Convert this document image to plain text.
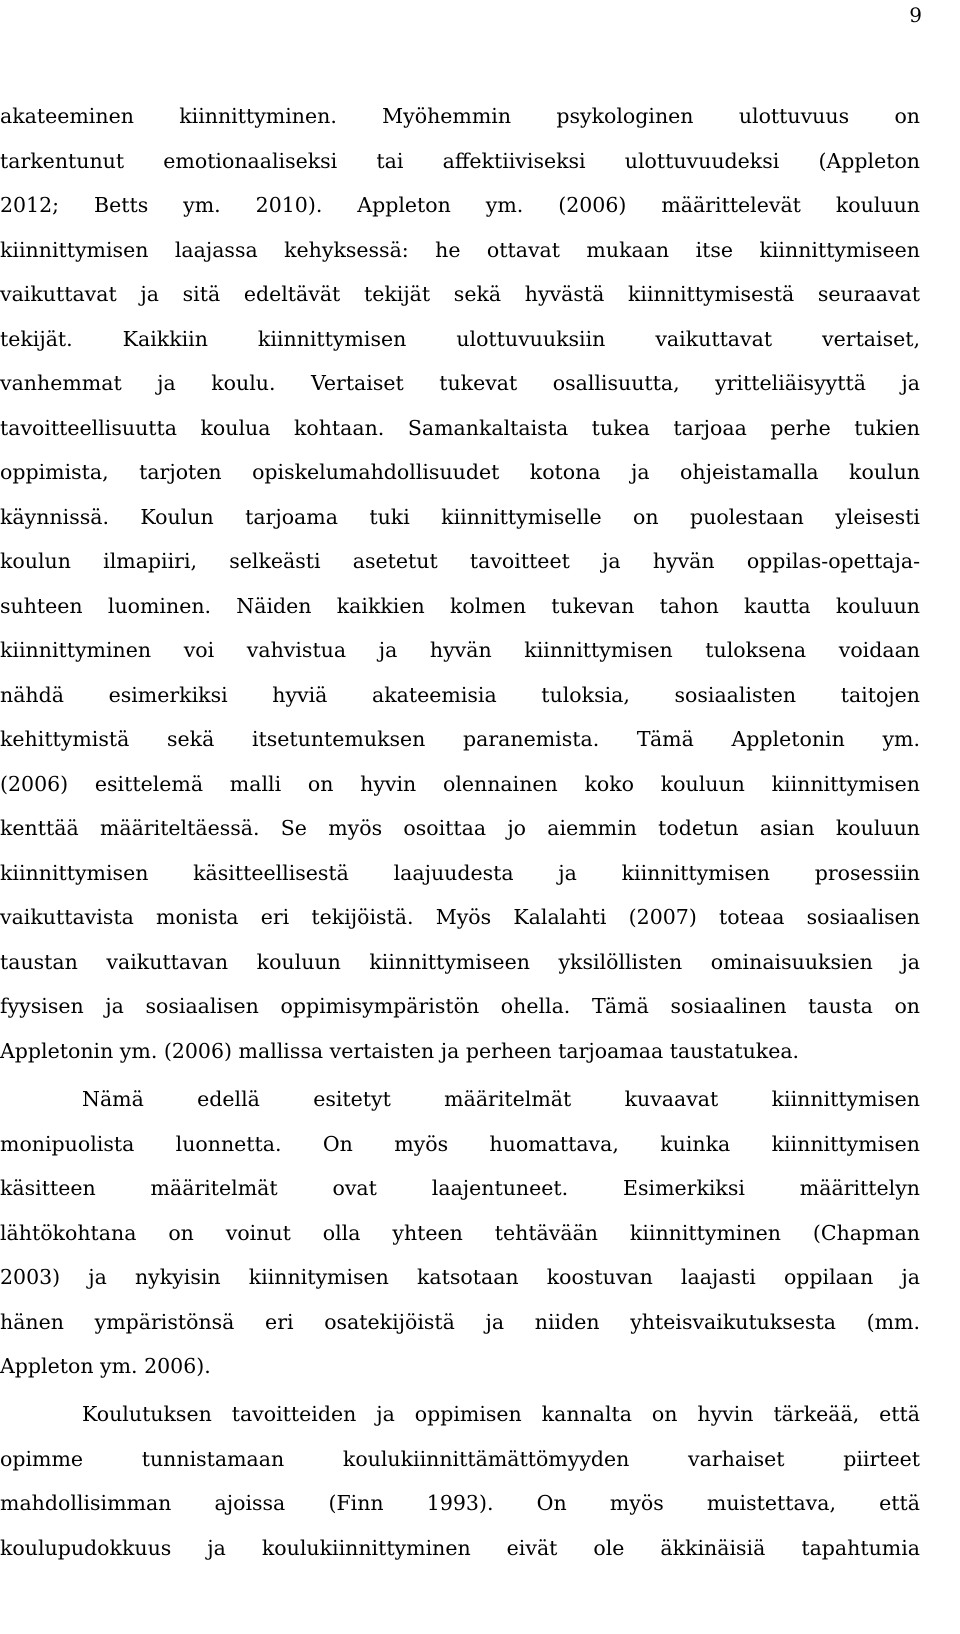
9
akateeminen kiinnittyminen. Myöhemmin psykologinen ulottuvuus on
tarkentunut emotionaaliseksi tai affektiiviseksi ulottuvuudeksi (Appleton
2012; Betts ym. 2010). Appleton ym. (2006) määrittelevät kouluun
kiinnittymisen laajassa kehyksessä: he ottavat mukaan itse kiinnittymiseen
vaikuttavat ja sitä edeltävät tekijät sekä hyvästä kiinnittymisestä seuraavat
tekijät. Kaikkiin kiinnittymisen ulottuvuuksiin vaikuttavat vertaiset,
vanhemmat ja koulu. Vertaiset tukevat osallisuutta, yritteliäisyyttä ja
tavoitteellisuutta koulua kohtaan. Samankaltaista tukea tarjoaa perhe tukien
oppimista, tarjoten opiskelumahdollisuudet kotona ja ohjeistamalla koulun
käynnissä. Koulun tarjoama tuki kiinnittymiselle on puolestaan yleisesti
koulun ilmapiiri, selkeästi asetetut tavoitteet ja hyvän oppilas-opettaja-
suhteen luominen. Näiden kaikkien kolmen tukevan tahon kautta kouluun
kiinnittyminen voi vahvistua ja hyvän kiinnittymisen tuloksena voidaan
nähdä esimerkiksi hyviä akateemisia tuloksia, sosiaalisten taitojen
kehittymistä sekä itsetuntemuksen paranemista. Tämä Appletonin ym.
(2006) esittelemä malli on hyvin olennainen koko kouluun kiinnittymisen
kenttää määriteltäessä. Se myös osoittaa jo aiemmin todetun asian kouluun
kiinnittymisen käsitteellisestä laajuudesta ja kiinnittymisen prosessiin
vaikuttavista monista eri tekijöistä. Myös Kalalahti (2007) toteaa sosiaalisen
taustan vaikuttavan kouluun kiinnittymiseen yksilöllisten ominaisuuksien ja
fyysisen ja sosiaalisen oppimisympäristön ohella. Tämä sosiaalinen tausta on
Appletonin ym. (2006) mallissa vertaisten ja perheen tarjoamaa taustatukea.
Nämä edellä esitetyt määritelmät kuvaavat kiinnittymisen
monipuolista luonnetta. On myös huomattava, kuinka kiinnittymisen
käsitteen määritelmät ovat laajentuneet. Esimerkiksi määrittelyn
lähtökohtana on voinut olla yhteen tehtävään kiinnittyminen (Chapman
2003) ja nykyisin kiinnitymisen katsotaan koostuvan laajasti oppilaan ja
hänen ympäristönsä eri osatekijöistä ja niiden yhteisvaikutuksesta (mm.
Appleton ym. 2006).
Koulutuksen tavoitteiden ja oppimisen kannalta on hyvin tärkeää, että
opimme tunnistamaan koulukiinnittämättömyyden varhaiset piirteet
mahdollisimman ajoissa (Finn 1993). On myös muistettava, että
koulupudokkuus ja koulukiinnittyminen eivät ole äkkinäisiä tapahtumia
